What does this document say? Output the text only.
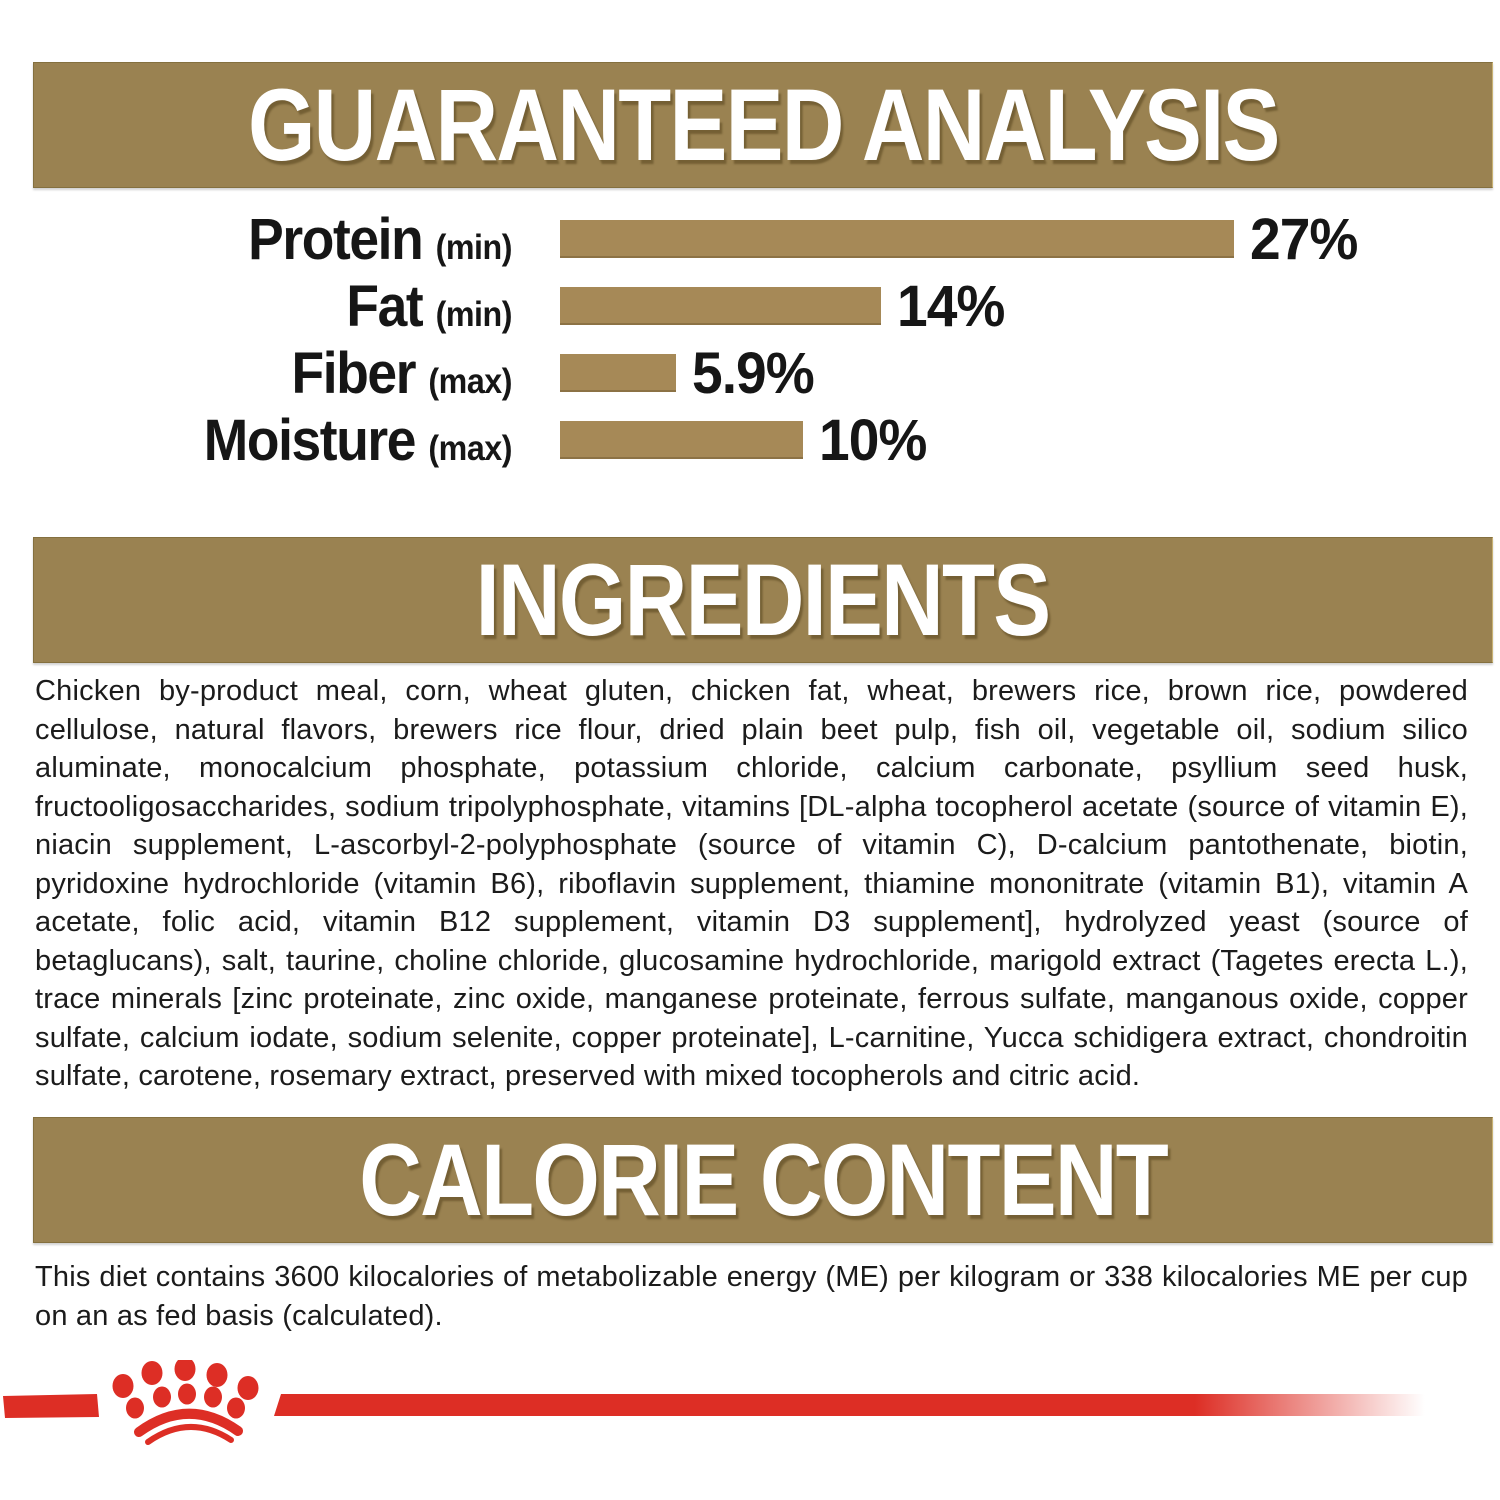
GUARANTEED ANALYSIS
Protein (min)	27%
Fat (min)	14%
Fiber (max)	5.9%
Moisture (max)	10%
INGREDIENTS

Chicken by-product meal, corn, wheat gluten, chicken fat, wheat, brewers rice, brown rice, powdered cellulose, natural flavors, brewers rice flour, dried plain beet pulp, fish oil, vegetable oil, sodium silico aluminate, monocalcium phosphate, potassium chloride, calcium carbonate, psyllium seed husk, fructooligosaccharides, sodium tripolyphosphate, vitamins [DL-alpha tocopherol acetate (source of vitamin E), niacin supplement, L-ascorbyl-2-polyphosphate (source of vitamin C), D-calcium pantothenate, biotin, pyridoxine hydrochloride (vitamin B6), riboflavin supplement, thiamine mononitrate (vitamin B1), vitamin A acetate, folic acid, vitamin B12 supplement, vitamin D3 supplement], hydrolyzed yeast (source of betaglucans), salt, taurine, choline chloride, glucosamine hydrochloride, marigold extract (Tagetes erecta L.), trace minerals [zinc proteinate, zinc oxide, manganese proteinate, ferrous sulfate, manganous oxide, copper sulfate, calcium iodate, sodium selenite, copper proteinate], L-carnitine, Yucca schidigera extract, chondroitin sulfate, carotene, rosemary extract, preserved with mixed tocopherols and citric acid.

CALORIE CONTENT

This diet contains 3600 kilocalories of metabolizable energy (ME) per kilogram or 338 kilocalories ME per cup on an as fed basis (calculated).
